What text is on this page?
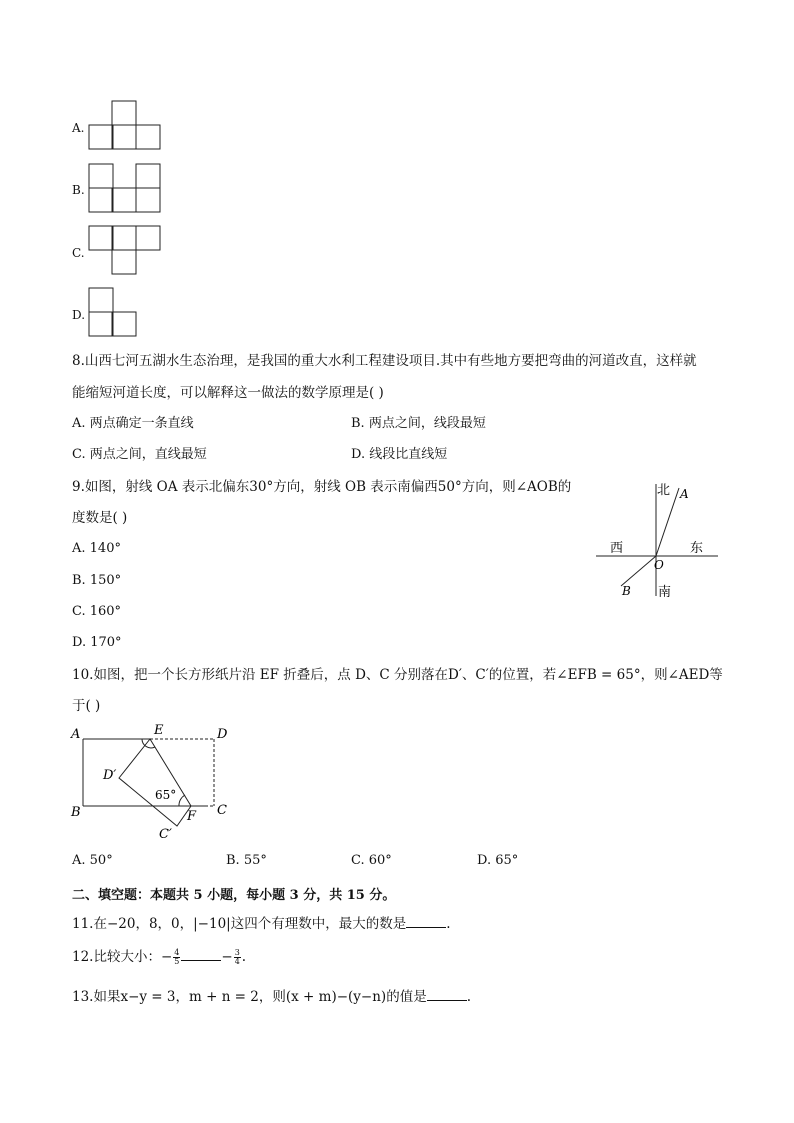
A.
B.
C.
D.
8.山西七河五湖水生态治理，是我国的重大水利工程建设项目.其中有些地方要把弯曲的河道改直，这样就
能缩短河道长度，可以解释这一做法的数学原理是( )
A. 两点确定一条直线	B. 两点之间，线段最短
C. 两点之间，直线最短	D. 线段比直线短
9.如图，射线 OA 表示北偏东30°方向，射线 OB 表示南偏西50°方向，则∠AOB的
度数是( )
A. 140°
B. 150°
C. 160°
D. 170°
北
南
西	东
A
B
O
10.如图，把一个长方形纸片沿 EF 折叠后，点 D、C 分别落在D′、C′的位置，若∠EFB = 65°，则∠AED等
于( )
A
B	C
D
E
F
D′
C′
65°
A. 50°	B. 55°	C. 60°	D. 65°
二、填空题：本题共 5 小题，每小题 3 分，共 15 分。
11.在−20，8，0，|−10|这四个有理数中，最大的数是	.
12.比较大小：− $\frac{4}{5}$	− $\frac{3}{4}$ .
13.如果x−y = 3，m + n = 2，则(x + m)−(y−n)的值是	.
